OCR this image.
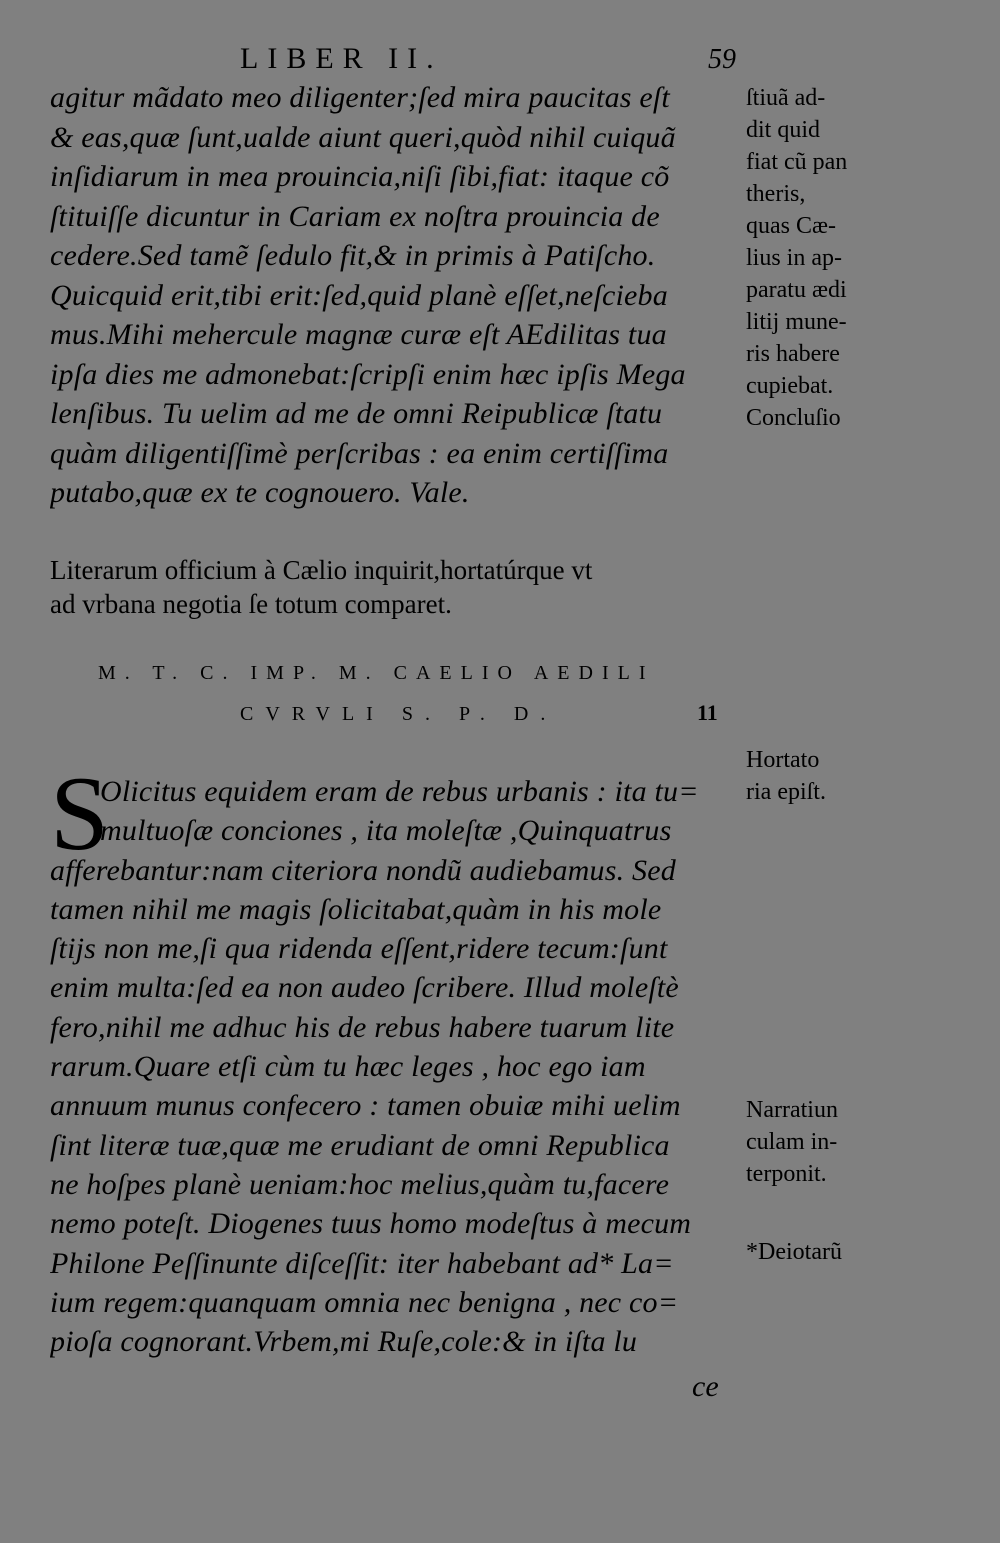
LIBER II.	59
agitur mãdato meo diligenter;ſed mira paucitas eſt
& eas,quæ ſunt,ualde aiunt queri,quòd nihil cuiquã
inſidiarum in mea prouincia,niſi ſibi,fiat: itaque cõ
ſtituiſſe dicuntur in Cariam ex noſtra prouincia de
cedere.Sed tamẽ ſedulo fit,& in primis à Patiſcho.
Quicquid erit,tibi erit:ſed,quid planè eſſet,neſcieba
mus.Mihi mehercule magnæ curæ eſt AEdilitas tua
ipſa dies me admonebat:ſcripſi enim hæc ipſis Mega
lenſibus. Tu uelim ad me de omni Reipublicæ ſtatu
quàm diligentiſſimè perſcribas : ea enim certiſſima
putabo,quæ ex te cognouero. Vale.
Literarum officium à Cælio inquirit,hortatúrque vt
ad vrbana negotia ſe totum comparet.
M. T. C. IMP. M. CAELIO AEDILI
CVRVLI S. P. D.	11
S
Olicitus equidem eram de rebus urbanis : ita tu=
multuoſæ conciones , ita moleſtæ ,Quinquatrus
afferebantur:nam citeriora nondũ audiebamus. Sed
tamen nihil me magis ſolicitabat,quàm in his mole
ſtijs non me,ſi qua ridenda eſſent,ridere tecum:ſunt
enim multa:ſed ea non audeo ſcribere. Illud moleſtè
fero,nihil me adhuc his de rebus habere tuarum lite
rarum.Quare etſi cùm tu hæc leges , hoc ego iam
annuum munus confecero : tamen obuiæ mihi uelim
ſint literæ tuæ,quæ me erudiant de omni Republica
ne hoſpes planè ueniam:hoc melius,quàm tu,facere
nemo poteſt. Diogenes tuus homo modeſtus à mecum
Philone Peſſinunte diſceſſit: iter habebant ad* La=
ium regem:quanquam omnia nec benigna , nec co=
pioſa cognorant.Vrbem,mi Ruſe,cole:& in iſta lu
ce
ſtiuã ad-
dit quid
fiat cũ pan
theris,
quas Cæ-
lius in ap-
paratu ædi
litij mune-
ris habere
cupiebat.
Concluſio
Hortato
ria epiſt.
Narratiun
culam in-
terponit.
*Deiotarũ
